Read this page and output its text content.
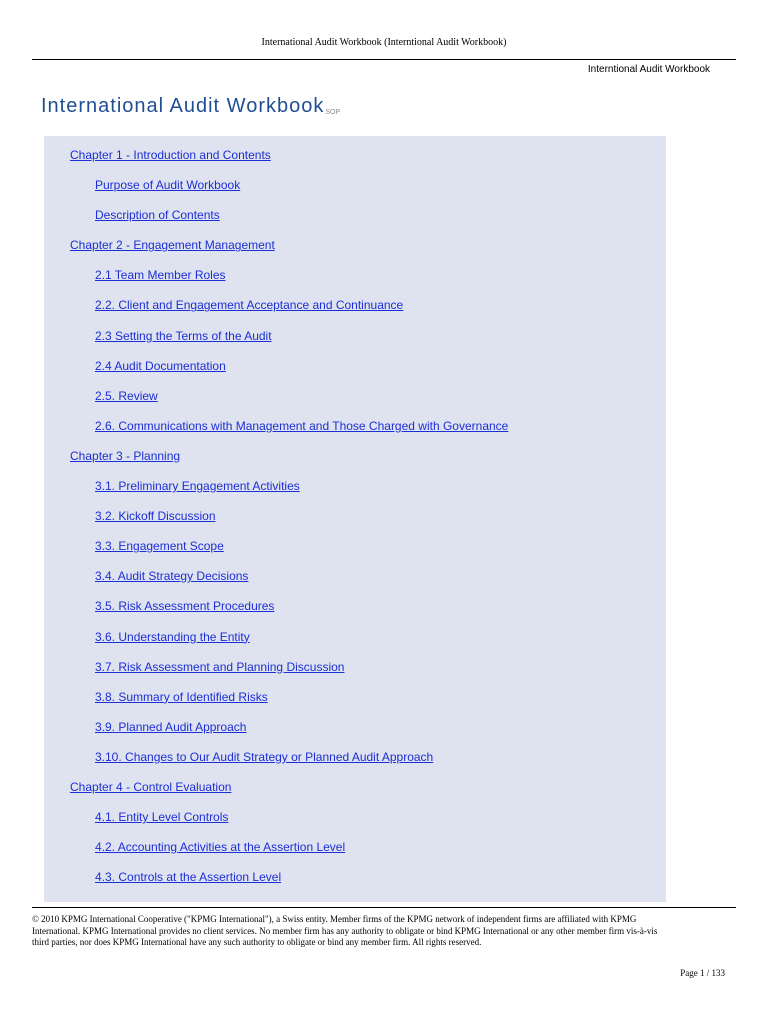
International Audit Workbook (Interntional Audit Workbook)
Interntional Audit Workbook
International Audit WorkbookSOP
Chapter 1 - Introduction and Contents
Purpose of Audit Workbook
Description of Contents
Chapter 2 - Engagement Management
2.1 Team Member Roles
2.2. Client and Engagement Acceptance and Continuance
2.3 Setting the Terms of the Audit
2.4 Audit Documentation
2.5. Review
2.6. Communications with Management and Those Charged with Governance
Chapter 3 - Planning
3.1. Preliminary Engagement Activities
3.2. Kickoff Discussion
3.3. Engagement Scope
3.4. Audit Strategy Decisions
3.5. Risk Assessment Procedures
3.6. Understanding the Entity
3.7. Risk Assessment and Planning Discussion
3.8. Summary of Identified Risks
3.9. Planned Audit Approach
3.10. Changes to Our Audit Strategy or Planned Audit Approach
Chapter 4 - Control Evaluation
4.1. Entity Level Controls
4.2. Accounting Activities at the Assertion Level
4.3. Controls at the Assertion Level

© 2010 KPMG International Cooperative ("KPMG International"), a Swiss entity. Member firms of the KPMG network of independent firms are affiliated with KPMG
International. KPMG International provides no client services. No member firm has any authority to obligate or bind KPMG International or any other member firm vis-à-vis
third parties, nor does KPMG International have any such authority to obligate or bind any member firm. All rights reserved.

Page 1 / 133
